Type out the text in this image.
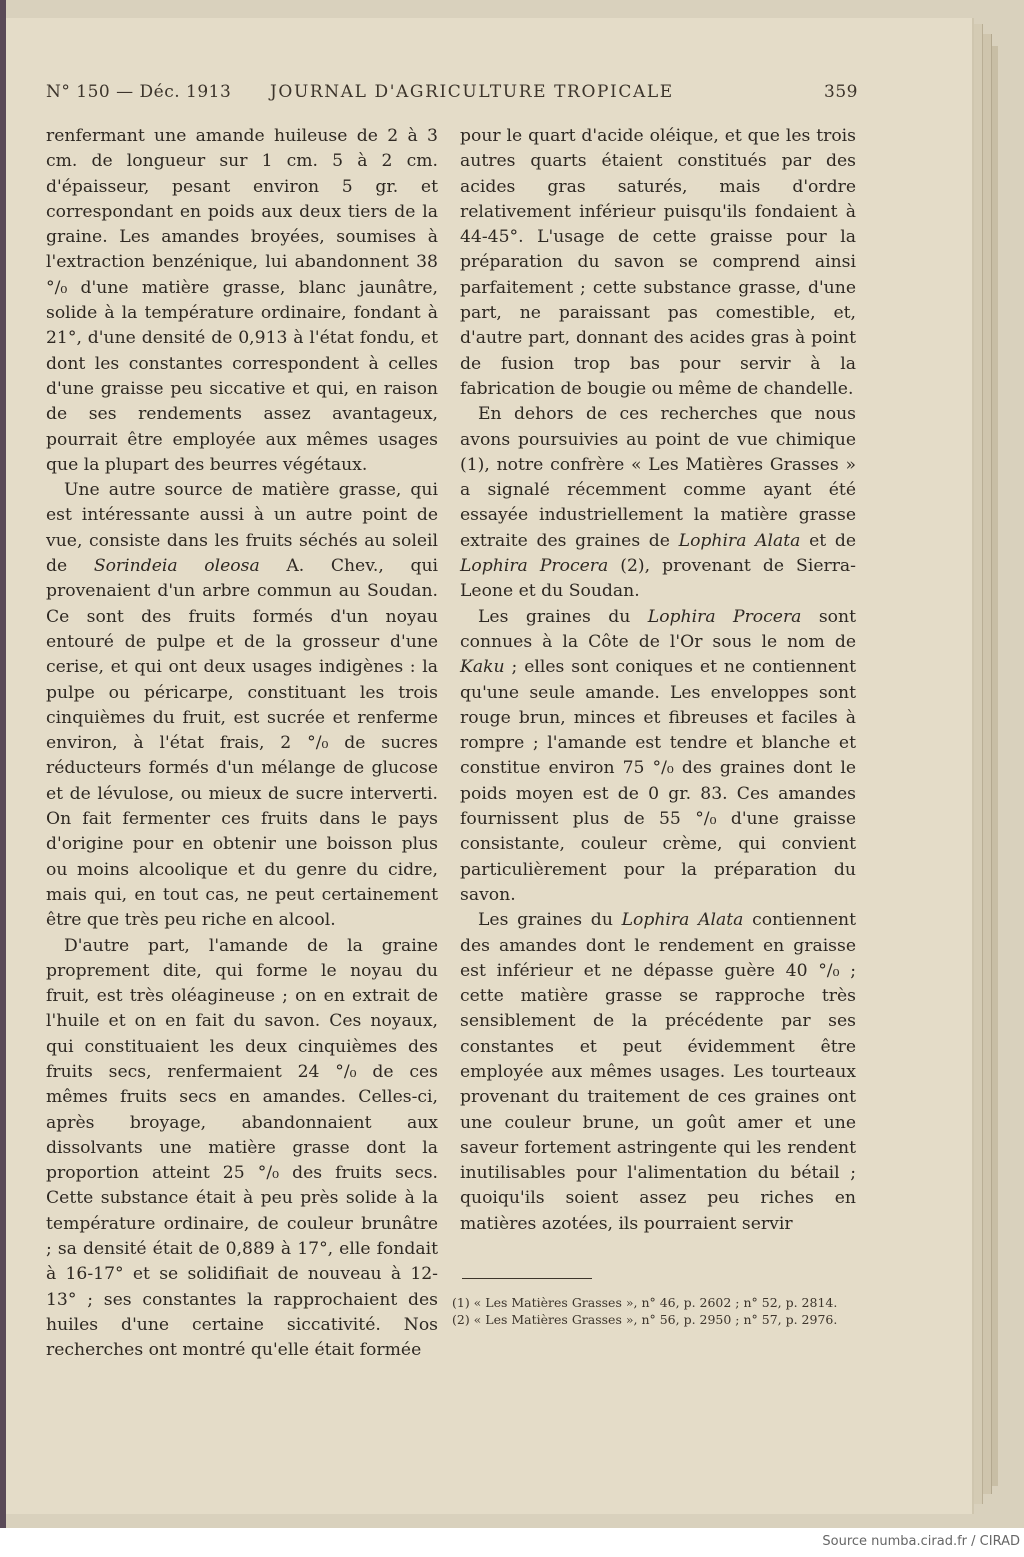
N° 150 — Déc. 1913 JOURNAL D'AGRICULTURE TROPICALE	359

renfermant une amande huileuse de 2 à 3 cm. de longueur sur 1 cm. 5 à 2 cm. d'épaisseur, pesant environ 5 gr. et correspondant en poids aux deux tiers de la graine. Les amandes broyées, soumises à l'extraction benzénique, lui abandonnent 38 °/₀ d'une matière grasse, blanc jaunâtre, solide à la température ordinaire, fondant à 21°, d'une densité de 0,913 à l'état fondu, et dont les constantes correspondent à celles d'une graisse peu siccative et qui, en raison de ses rendements assez avantageux, pourrait être employée aux mêmes usages que la plupart des beurres végétaux.

Une autre source de matière grasse, qui est intéressante aussi à un autre point de vue, consiste dans les fruits séchés au soleil de Sorindeia oleosa A. Chev., qui provenaient d'un arbre commun au Soudan. Ce sont des fruits formés d'un noyau entouré de pulpe et de la grosseur d'une cerise, et qui ont deux usages indigènes : la pulpe ou péricarpe, constituant les trois cinquièmes du fruit, est sucrée et renferme environ, à l'état frais, 2 °/₀ de sucres réducteurs formés d'un mélange de glucose et de lévulose, ou mieux de sucre interverti. On fait fermenter ces fruits dans le pays d'origine pour en obtenir une boisson plus ou moins alcoolique et du genre du cidre, mais qui, en tout cas, ne peut certainement être que très peu riche en alcool.

D'autre part, l'amande de la graine proprement dite, qui forme le noyau du fruit, est très oléagineuse ; on en extrait de l'huile et on en fait du savon. Ces noyaux, qui constituaient les deux cinquièmes des fruits secs, renfermaient 24 °/₀ de ces mêmes fruits secs en amandes. Celles-ci, après broyage, abandonnaient aux dissolvants une matière grasse dont la proportion atteint 25 °/₀ des fruits secs. Cette substance était à peu près solide à la température ordinaire, de couleur brunâtre ; sa densité était de 0,889 à 17°, elle fondait à 16-17° et se solidifiait de nouveau à 12-13° ; ses constantes la rapprochaient des huiles d'une certaine siccativité. Nos recherches ont montré qu'elle était formée

pour le quart d'acide oléique, et que les trois autres quarts étaient constitués par des acides gras saturés, mais d'ordre relativement inférieur puisqu'ils fondaient à 44-45°. L'usage de cette graisse pour la préparation du savon se comprend ainsi parfaitement ; cette substance grasse, d'une part, ne paraissant pas comestible, et, d'autre part, donnant des acides gras à point de fusion trop bas pour servir à la fabrication de bougie ou même de chandelle.

En dehors de ces recherches que nous avons poursuivies au point de vue chimique (1), notre confrère « Les Matières Grasses » a signalé récemment comme ayant été essayée industriellement la matière grasse extraite des graines de Lophira Alata et de Lophira Procera (2), provenant de Sierra-Leone et du Soudan.

Les graines du Lophira Procera sont connues à la Côte de l'Or sous le nom de Kaku ; elles sont coniques et ne contiennent qu'une seule amande. Les enveloppes sont rouge brun, minces et fibreuses et faciles à rompre ; l'amande est tendre et blanche et constitue environ 75 °/₀ des graines dont le poids moyen est de 0 gr. 83. Ces amandes fournissent plus de 55 °/₀ d'une graisse consistante, couleur crème, qui convient particulièrement pour la préparation du savon.

Les graines du Lophira Alata contiennent des amandes dont le rendement en graisse est inférieur et ne dépasse guère 40 °/₀ ; cette matière grasse se rapproche très sensiblement de la précédente par ses constantes et peut évidemment être employée aux mêmes usages. Les tourteaux provenant du traitement de ces graines ont une couleur brune, un goût amer et une saveur fortement astringente qui les rendent inutilisables pour l'alimentation du bétail ; quoiqu'ils soient assez peu riches en matières azotées, ils pourraient servir

(1) « Les Matières Grasses », n° 46, p. 2602 ; n° 52, p. 2814.

(2) « Les Matières Grasses », n° 56, p. 2950 ; n° 57, p. 2976.

Source numba.cirad.fr / CIRAD
